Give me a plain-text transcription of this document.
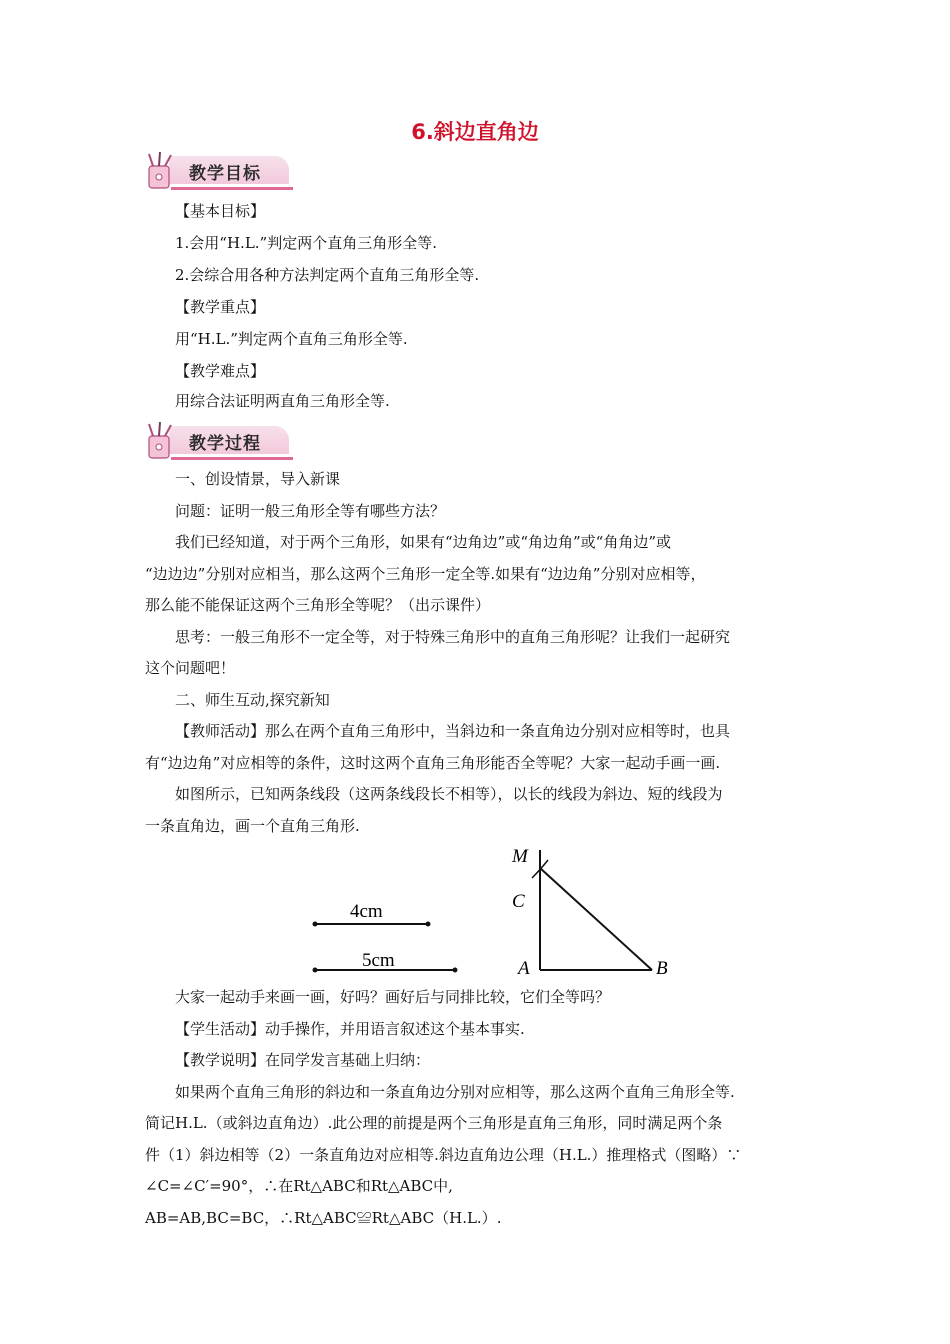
6.斜边直角边
教学目标
【基本目标】
1.会用“H.L.”判定两个直角三角形全等.
2.会综合用各种方法判定两个直角三角形全等.
【教学重点】
用“H.L.”判定两个直角三角形全等.
【教学难点】
用综合法证明两直角三角形全等.
教学过程
一、创设情景，导入新课
问题：证明一般三角形全等有哪些方法？
我们已经知道，对于两个三角形，如果有“边角边”或“角边角”或“角角边”或
“边边边”分别对应相当，那么这两个三角形一定全等.如果有“边边角”分别对应相等，
那么能不能保证这两个三角形全等呢？（出示课件）
思考：一般三角形不一定全等，对于特殊三角形中的直角三角形呢？让我们一起研究
这个问题吧！
二、师生互动,探究新知
【教师活动】那么在两个直角三角形中，当斜边和一条直角边分别对应相等时，也具
有“边边角”对应相等的条件，这时这两个直角三角形能否全等呢？大家一起动手画一画.
如图所示，已知两条线段（这两条线段长不相等），以长的线段为斜边、短的线段为
一条直角边，画一个直角三角形.
4cm
5cm
M
C
A	B
大家一起动手来画一画，好吗？画好后与同排比较，它们全等吗？
【学生活动】动手操作，并用语言叙述这个基本事实.
【教学说明】在同学发言基础上归纳：
如果两个直角三角形的斜边和一条直角边分别对应相等，那么这两个直角三角形全等.
简记H.L.（或斜边直角边）.此公理的前提是两个三角形是直角三角形，同时满足两个条
件（1）斜边相等（2）一条直角边对应相等.斜边直角边公理（H.L.）推理格式（图略）∵
∠C=∠C′=90°，∴在Rt△ABC和Rt△ABC中,
AB=AB,BC=BC，∴Rt△ABC≌Rt△ABC（H.L.）.
